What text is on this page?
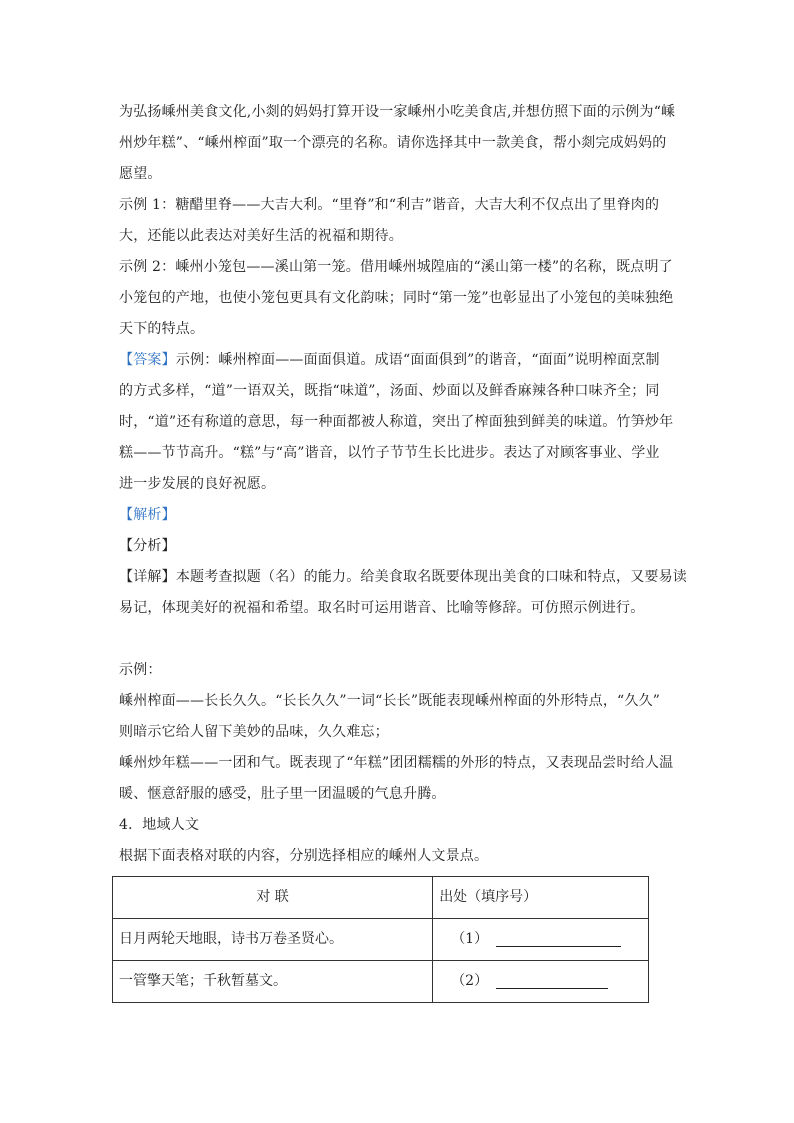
为弘扬嵊州美食文化,小剡的妈妈打算开设一家嵊州小吃美食店,并想仿照下面的示例为“嵊
州炒年糕”、“嵊州榨面”取一个漂亮的名称。请你选择其中一款美食，帮小剡完成妈妈的
愿望。
示例 1：糖醋里脊——大吉大利。“里脊”和“利吉”谐音，大吉大利不仅点出了里脊肉的
大，还能以此表达对美好生活的祝福和期待。
示例 2：嵊州小笼包——溪山第一笼。借用嵊州城隍庙的“溪山第一楼”的名称，既点明了
小笼包的产地，也使小笼包更具有文化韵味；同时“第一笼”也彰显出了小笼包的美味独绝
天下的特点。
【答案】示例：嵊州榨面——面面俱道。成语“面面俱到”的谐音，“面面”说明榨面烹制
的方式多样，“道”一语双关，既指“味道”，汤面、炒面以及鲜香麻辣各种口味齐全；同
时，“道”还有称道的意思，每一种面都被人称道，突出了榨面独到鲜美的味道。竹笋炒年
糕——节节高升。“糕”与“高”谐音，以竹子节节生长比进步。表达了对顾客事业、学业
进一步发展的良好祝愿。
【解析】
【分析】
【详解】本题考查拟题（名）的能力。给美食取名既要体现出美食的口味和特点，又要易读
易记，体现美好的祝福和希望。取名时可运用谐音、比喻等修辞。可仿照示例进行。
示例：
嵊州榨面——长长久久。“长长久久”一词“长长”既能表现嵊州榨面的外形特点，“久久”
则暗示它给人留下美妙的品味，久久难忘；
嵊州炒年糕——一团和气。既表现了“年糕”团团糯糯的外形的特点，又表现品尝时给人温
暖、惬意舒服的感受，肚子里一团温暖的气息升腾。
4．地域人文
根据下面表格对联的内容，分别选择相应的嵊州人文景点。
对 联	出处（填序号）
日月两轮天地眼，诗书万卷圣贤心。	（1）
一管擎天笔；千秋暂墓文。	（2）
